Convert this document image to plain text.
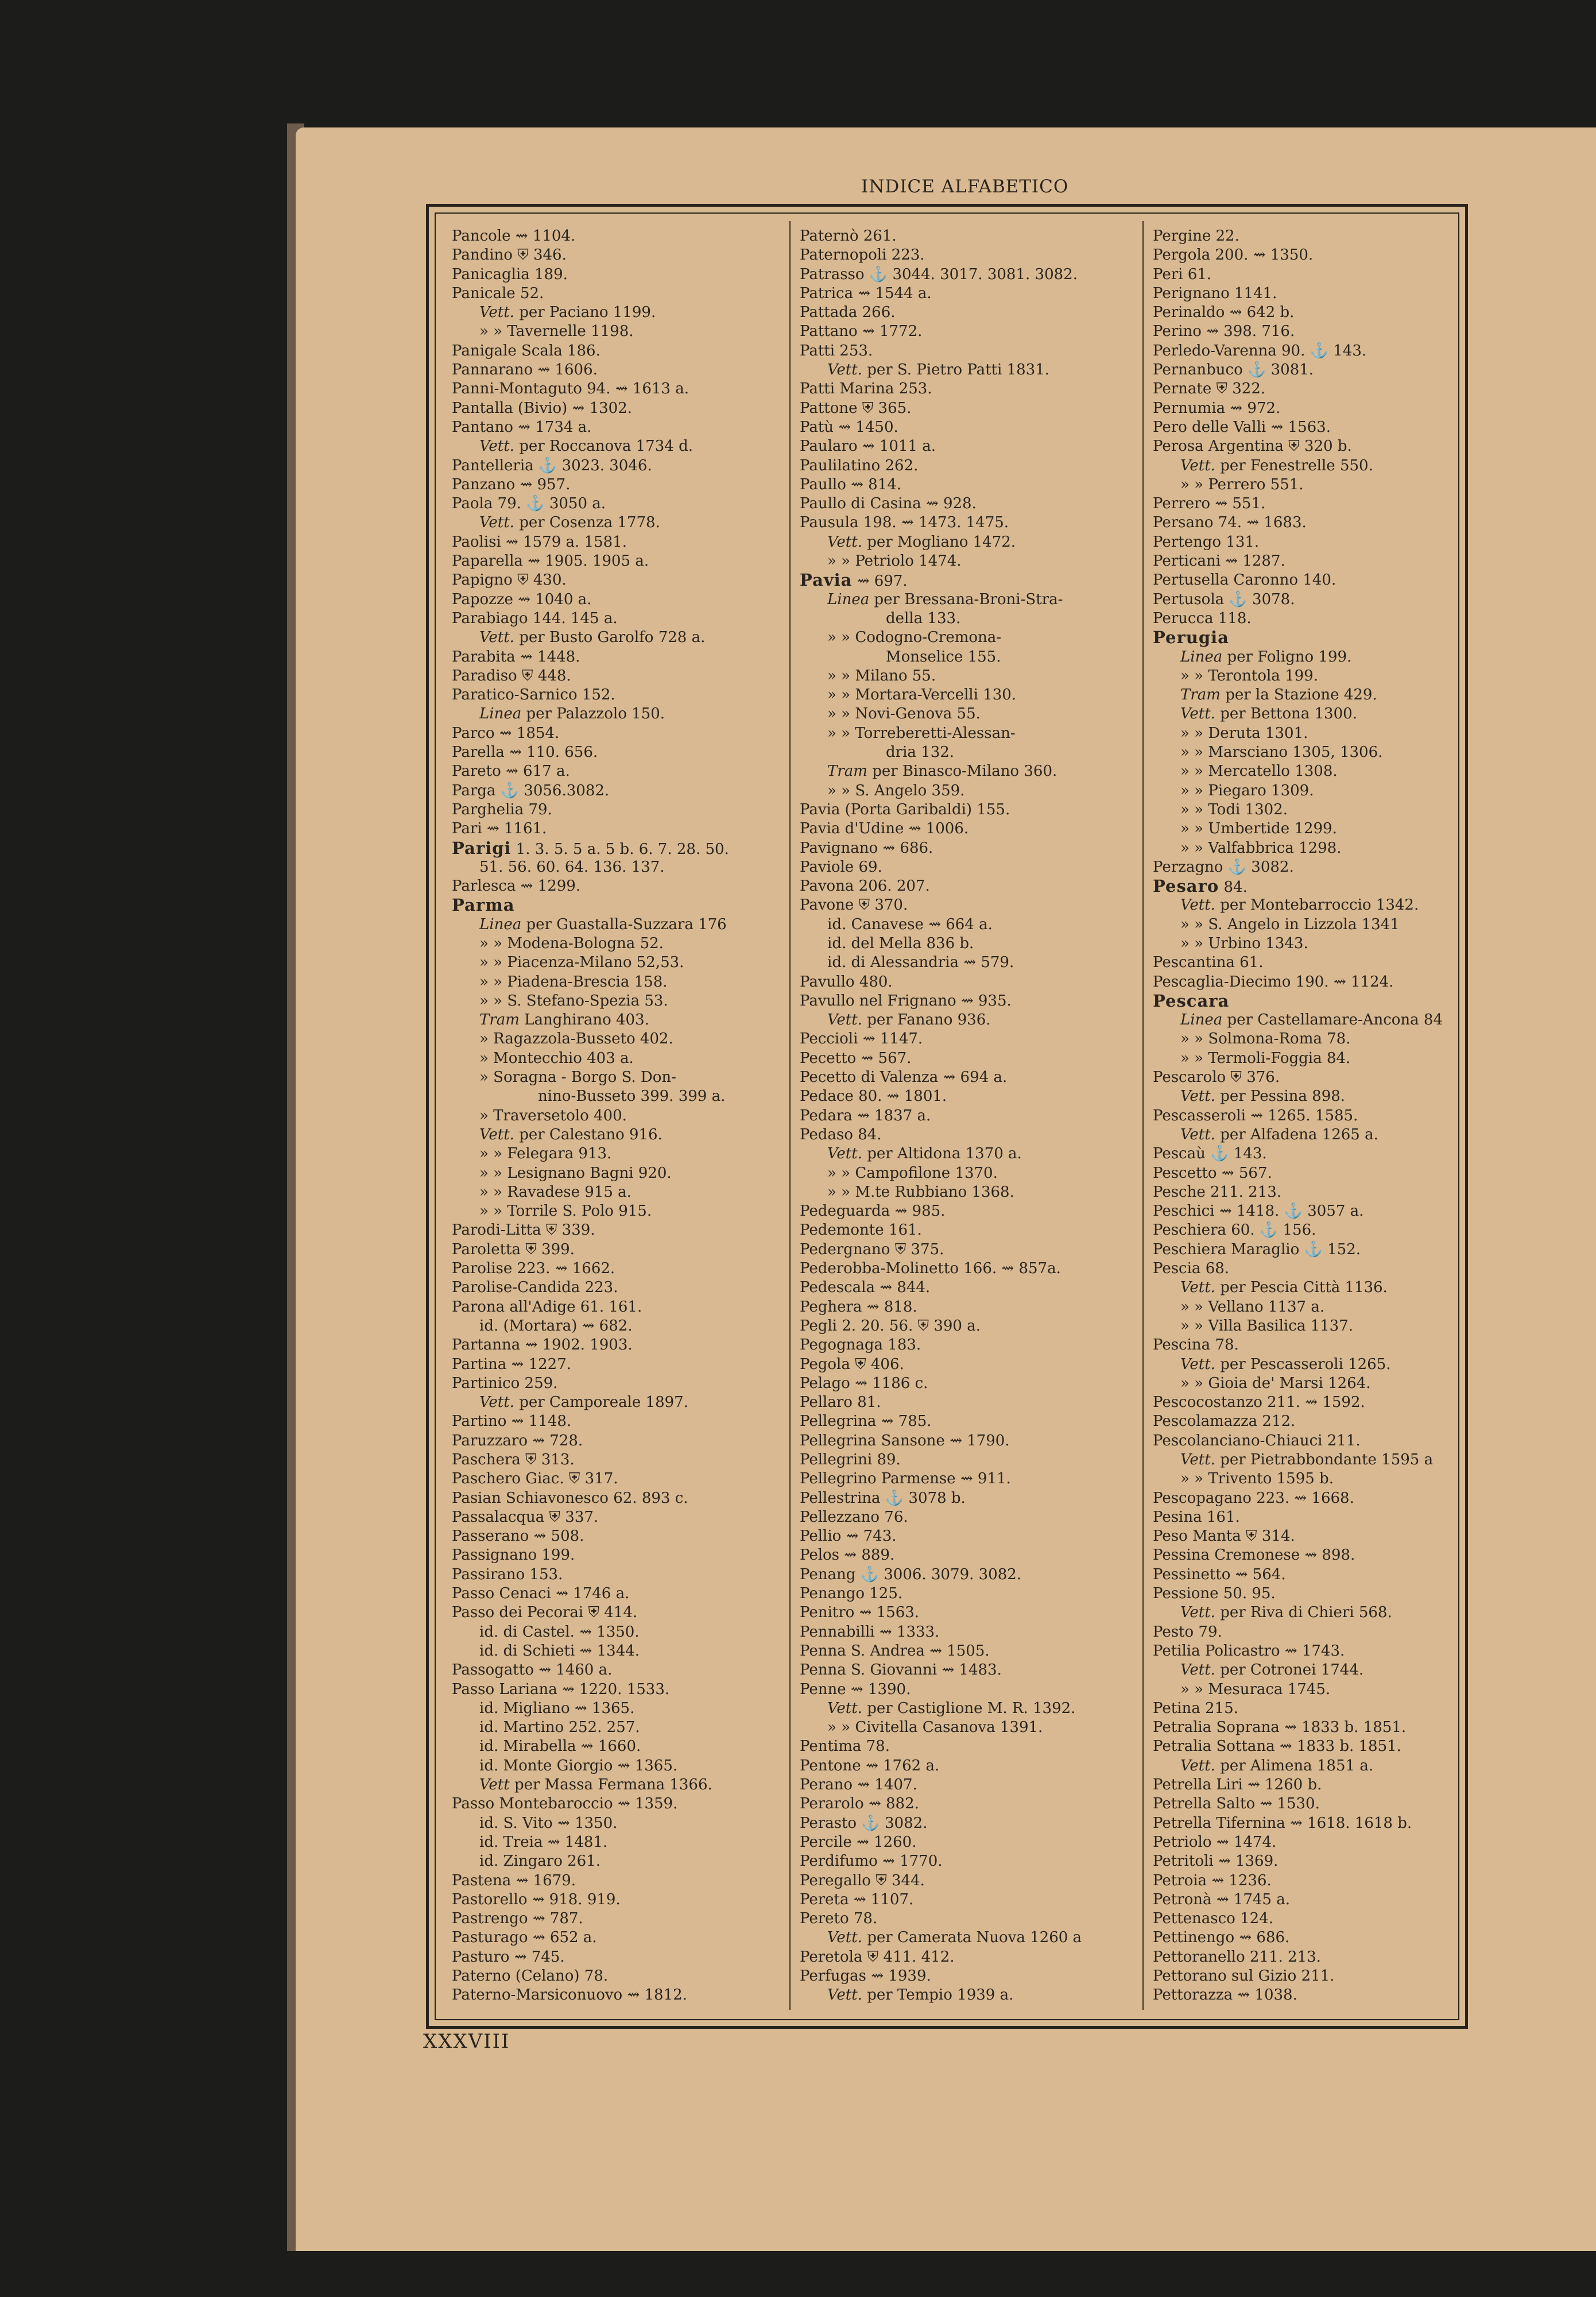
INDICE ALFABETICO
Pancole ⇝ 1104.
Pandino ⛨ 346.
Panicaglia 189.
Panicale 52.
Vett. per Paciano 1199.
» » Tavernelle 1198.
Panigale Scala 186.
Pannarano ⇝ 1606.
Panni-Montaguto 94. ⇝ 1613 a.
Pantalla (Bivio) ⇝ 1302.
Pantano ⇝ 1734 a.
Vett. per Roccanova 1734 d.
Pantelleria ⚓ 3023. 3046.
Panzano ⇝ 957.
Paola 79. ⚓ 3050 a.
Vett. per Cosenza 1778.
Paolisi ⇝ 1579 a. 1581.
Paparella ⇝ 1905. 1905 a.
Papigno ⛨ 430.
Papozze ⇝ 1040 a.
Parabiago 144. 145 a.
Vett. per Busto Garolfo 728 a.
Parabita ⇝ 1448.
Paradiso ⛨ 448.
Paratico-Sarnico 152.
Linea per Palazzolo 150.
Parco ⇝ 1854.
Parella ⇝ 110. 656.
Pareto ⇝ 617 a.
Parga ⚓ 3056.3082.
Parghelia 79.
Pari ⇝ 1161.
Parigi 1. 3. 5. 5 a. 5 b. 6. 7. 28. 50.
51. 56. 60. 64. 136. 137.
Parlesca ⇝ 1299.
Parma
Linea per Guastalla-Suzzara 176
» » Modena-Bologna 52.
» » Piacenza-Milano 52,53.
» » Piadena-Brescia 158.
» » S. Stefano-Spezia 53.
Tram Langhirano 403.
» Ragazzola-Busseto 402.
» Montecchio 403 a.
» Soragna - Borgo S. Don-
nino-Busseto 399. 399 a.
» Traversetolo 400.
Vett. per Calestano 916.
» » Felegara 913.
» » Lesignano Bagni 920.
» » Ravadese 915 a.
» » Torrile S. Polo 915.
Parodi-Litta ⛨ 339.
Paroletta ⛨ 399.
Parolise 223. ⇝ 1662.
Parolise-Candida 223.
Parona all'Adige 61. 161.
id. (Mortara) ⇝ 682.
Partanna ⇝ 1902. 1903.
Partina ⇝ 1227.
Partinico 259.
Vett. per Camporeale 1897.
Partino ⇝ 1148.
Paruzzaro ⇝ 728.
Paschera ⛨ 313.
Paschero Giac. ⛨ 317.
Pasian Schiavonesco 62. 893 c.
Passalacqua ⛨ 337.
Passerano ⇝ 508.
Passignano 199.
Passirano 153.
Passo Cenaci ⇝ 1746 a.
Passo dei Pecorai ⛨ 414.
id. di Castel. ⇝ 1350.
id. di Schieti ⇝ 1344.
Passogatto ⇝ 1460 a.
Passo Lariana ⇝ 1220. 1533.
id. Migliano ⇝ 1365.
id. Martino 252. 257.
id. Mirabella ⇝ 1660.
id. Monte Giorgio ⇝ 1365.
Vett per Massa Fermana 1366.
Passo Montebaroccio ⇝ 1359.
id. S. Vito ⇝ 1350.
id. Treia ⇝ 1481.
id. Zingaro 261.
Pastena ⇝ 1679.
Pastorello ⇝ 918. 919.
Pastrengo ⇝ 787.
Pasturago ⇝ 652 a.
Pasturo ⇝ 745.
Paterno (Celano) 78.
Paterno-Marsiconuovo ⇝ 1812.
Paternò 261.
Paternopoli 223.
Patrasso ⚓ 3044. 3017. 3081. 3082.
Patrica ⇝ 1544 a.
Pattada 266.
Pattano ⇝ 1772.
Patti 253.
Vett. per S. Pietro Patti 1831.
Patti Marina 253.
Pattone ⛨ 365.
Patù ⇝ 1450.
Paularo ⇝ 1011 a.
Paulilatino 262.
Paullo ⇝ 814.
Paullo di Casina ⇝ 928.
Pausula 198. ⇝ 1473. 1475.
Vett. per Mogliano 1472.
» » Petriolo 1474.
Pavia ⇝ 697.
Linea per Bressana-Broni-Stra-
della 133.
» » Codogno-Cremona-
Monselice 155.
» » Milano 55.
» » Mortara-Vercelli 130.
» » Novi-Genova 55.
» » Torreberetti-Alessan-
dria 132.
Tram per Binasco-Milano 360.
» » S. Angelo 359.
Pavia (Porta Garibaldi) 155.
Pavia d'Udine ⇝ 1006.
Pavignano ⇝ 686.
Paviole 69.
Pavona 206. 207.
Pavone ⛨ 370.
id. Canavese ⇝ 664 a.
id. del Mella 836 b.
id. di Alessandria ⇝ 579.
Pavullo 480.
Pavullo nel Frignano ⇝ 935.
Vett. per Fanano 936.
Peccioli ⇝ 1147.
Pecetto ⇝ 567.
Pecetto di Valenza ⇝ 694 a.
Pedace 80. ⇝ 1801.
Pedara ⇝ 1837 a.
Pedaso 84.
Vett. per Altidona 1370 a.
» » Campofilone 1370.
» » M.te Rubbiano 1368.
Pedeguarda ⇝ 985.
Pedemonte 161.
Pedergnano ⛨ 375.
Pederobba-Molinetto 166. ⇝ 857a.
Pedescala ⇝ 844.
Peghera ⇝ 818.
Pegli 2. 20. 56. ⛨ 390 a.
Pegognaga 183.
Pegola ⛨ 406.
Pelago ⇝ 1186 c.
Pellaro 81.
Pellegrina ⇝ 785.
Pellegrina Sansone ⇝ 1790.
Pellegrini 89.
Pellegrino Parmense ⇝ 911.
Pellestrina ⚓ 3078 b.
Pellezzano 76.
Pellio ⇝ 743.
Pelos ⇝ 889.
Penang ⚓ 3006. 3079. 3082.
Penango 125.
Penitro ⇝ 1563.
Pennabilli ⇝ 1333.
Penna S. Andrea ⇝ 1505.
Penna S. Giovanni ⇝ 1483.
Penne ⇝ 1390.
Vett. per Castiglione M. R. 1392.
» » Civitella Casanova 1391.
Pentima 78.
Pentone ⇝ 1762 a.
Perano ⇝ 1407.
Perarolo ⇝ 882.
Perasto ⚓ 3082.
Percile ⇝ 1260.
Perdifumo ⇝ 1770.
Peregallo ⛨ 344.
Pereta ⇝ 1107.
Pereto 78.
Vett. per Camerata Nuova 1260 a
Peretola ⛨ 411. 412.
Perfugas ⇝ 1939.
Vett. per Tempio 1939 a.
Pergine 22.
Pergola 200. ⇝ 1350.
Peri 61.
Perignano 1141.
Perinaldo ⇝ 642 b.
Perino ⇝ 398. 716.
Perledo-Varenna 90. ⚓ 143.
Pernanbuco ⚓ 3081.
Pernate ⛨ 322.
Pernumia ⇝ 972.
Pero delle Valli ⇝ 1563.
Perosa Argentina ⛨ 320 b.
Vett. per Fenestrelle 550.
» » Perrero 551.
Perrero ⇝ 551.
Persano 74. ⇝ 1683.
Pertengo 131.
Perticani ⇝ 1287.
Pertusella Caronno 140.
Pertusola ⚓ 3078.
Perucca 118.
Perugia
Linea per Foligno 199.
» » Terontola 199.
Tram per la Stazione 429.
Vett. per Bettona 1300.
» » Deruta 1301.
» » Marsciano 1305, 1306.
» » Mercatello 1308.
» » Piegaro 1309.
» » Todi 1302.
» » Umbertide 1299.
» » Valfabbrica 1298.
Perzagno ⚓ 3082.
Pesaro 84.
Vett. per Montebarroccio 1342.
» » S. Angelo in Lizzola 1341
» » Urbino 1343.
Pescantina 61.
Pescaglia-Diecimo 190. ⇝ 1124.
Pescara
Linea per Castellamare-Ancona 84
» » Solmona-Roma 78.
» » Termoli-Foggia 84.
Pescarolo ⛨ 376.
Vett. per Pessina 898.
Pescasseroli ⇝ 1265. 1585.
Vett. per Alfadena 1265 a.
Pescaù ⚓ 143.
Pescetto ⇝ 567.
Pesche 211. 213.
Peschici ⇝ 1418. ⚓ 3057 a.
Peschiera 60. ⚓ 156.
Peschiera Maraglio ⚓ 152.
Pescia 68.
Vett. per Pescia Città 1136.
» » Vellano 1137 a.
» » Villa Basilica 1137.
Pescina 78.
Vett. per Pescasseroli 1265.
» » Gioia de' Marsi 1264.
Pescocostanzo 211. ⇝ 1592.
Pescolamazza 212.
Pescolanciano-Chiauci 211.
Vett. per Pietrabbondante 1595 a
» » Trivento 1595 b.
Pescopagano 223. ⇝ 1668.
Pesina 161.
Peso Manta ⛨ 314.
Pessina Cremonese ⇝ 898.
Pessinetto ⇝ 564.
Pessione 50. 95.
Vett. per Riva di Chieri 568.
Pesto 79.
Petilia Policastro ⇝ 1743.
Vett. per Cotronei 1744.
» » Mesuraca 1745.
Petina 215.
Petralia Soprana ⇝ 1833 b. 1851.
Petralia Sottana ⇝ 1833 b. 1851.
Vett. per Alimena 1851 a.
Petrella Liri ⇝ 1260 b.
Petrella Salto ⇝ 1530.
Petrella Tifernina ⇝ 1618. 1618 b.
Petriolo ⇝ 1474.
Petritoli ⇝ 1369.
Petroia ⇝ 1236.
Petronà ⇝ 1745 a.
Pettenasco 124.
Pettinengo ⇝ 686.
Pettoranello 211. 213.
Pettorano sul Gizio 211.
Pettorazza ⇝ 1038.
XXXVIII
